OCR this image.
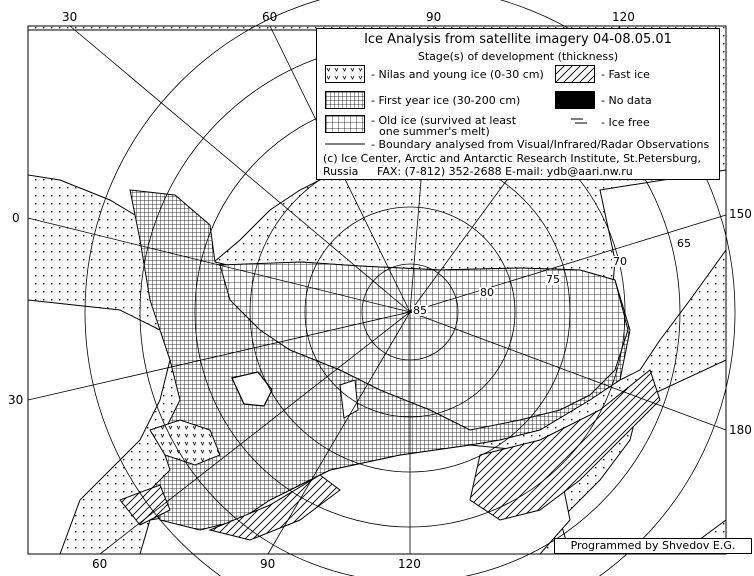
30	60	90	120
0
30
150
180
60	90	120
85
80
75
70
65
Ice Analysis from satellite imagery 04-08.05.01
Stage(s) of development (thickness)
- Nilas and young ice (0-30 cm)	- Fast ice
- First year ice (30-200 cm)	- No data
- Old ice (survived at least
one summer's melt)
- Ice free
- Boundary analysed from Visual/Infrared/Radar Observations
(c) Ice Center, Arctic and Antarctic Research Institute, St.Petersburg, Russia	FAX: (7-812) 352-2688 E-mail: ydb@aari.nw.ru
Programmed by Shvedov E.G.
